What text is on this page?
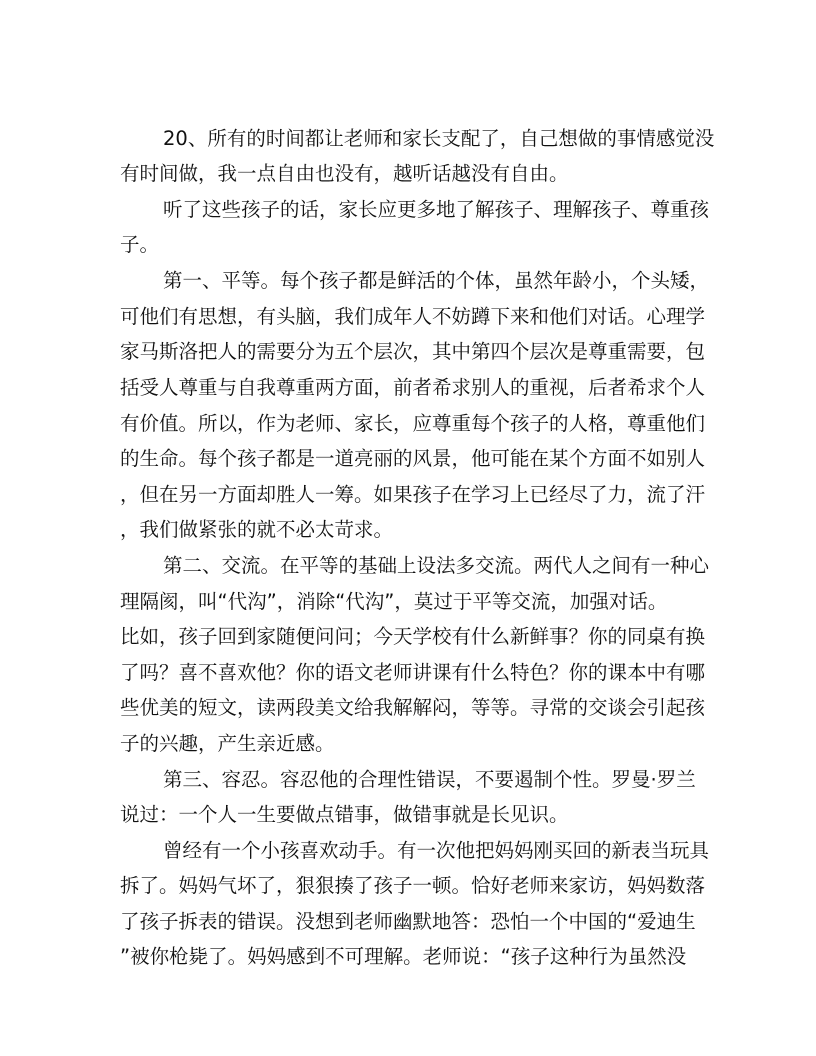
20、所有的时间都让老师和家长支配了，自己想做的事情感觉没
有时间做，我一点自由也没有，越听话越没有自由。
听了这些孩子的话，家长应更多地了解孩子、理解孩子、尊重孩
子。
第一、平等。每个孩子都是鲜活的个体，虽然年龄小，个头矮，
可他们有思想，有头脑，我们成年人不妨蹲下来和他们对话。心理学
家马斯洛把人的需要分为五个层次，其中第四个层次是尊重需要，包
括受人尊重与自我尊重两方面，前者希求别人的重视，后者希求个人
有价值。所以，作为老师、家长，应尊重每个孩子的人格，尊重他们
的生命。每个孩子都是一道亮丽的风景，他可能在某个方面不如别人
，但在另一方面却胜人一筹。如果孩子在学习上已经尽了力，流了汗
，我们做紧张的就不必太苛求。
第二、交流。在平等的基础上设法多交流。两代人之间有一种心
理隔阂，叫“代沟”，消除“代沟”，莫过于平等交流，加强对话。
比如，孩子回到家随便问问；今天学校有什么新鲜事？你的同桌有换
了吗？喜不喜欢他？你的语文老师讲课有什么特色？你的课本中有哪
些优美的短文，读两段美文给我解解闷，等等。寻常的交谈会引起孩
子的兴趣，产生亲近感。
第三、容忍。容忍他的合理性错误，不要遏制个性。罗曼·罗兰
说过：一个人一生要做点错事，做错事就是长见识。
曾经有一个小孩喜欢动手。有一次他把妈妈刚买回的新表当玩具
拆了。妈妈气坏了，狠狠揍了孩子一顿。恰好老师来家访，妈妈数落
了孩子拆表的错误。没想到老师幽默地答：恐怕一个中国的“爱迪生
”被你枪毙了。妈妈感到不可理解。老师说：“孩子这种行为虽然没
